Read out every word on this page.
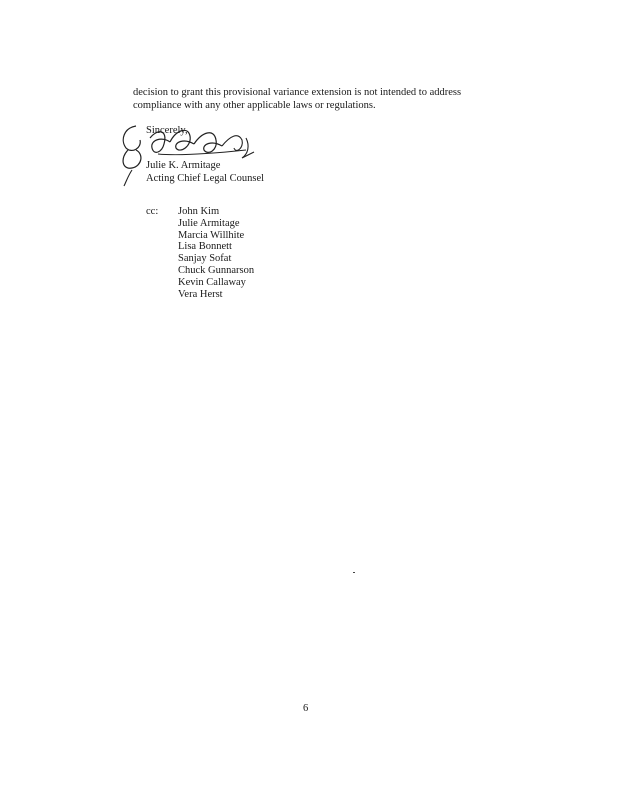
decision to grant this provisional variance extension is not intended to address

compliance with any other applicable laws or regulations.

Sincerely,
Julie K. Armitage
Acting Chief Legal Counsel
cc: John Kim
Julie Armitage
Marcia Willhite
Lisa Bonnett
Sanjay Sofat
Chuck Gunnarson
Kevin Callaway
Vera Herst
6
